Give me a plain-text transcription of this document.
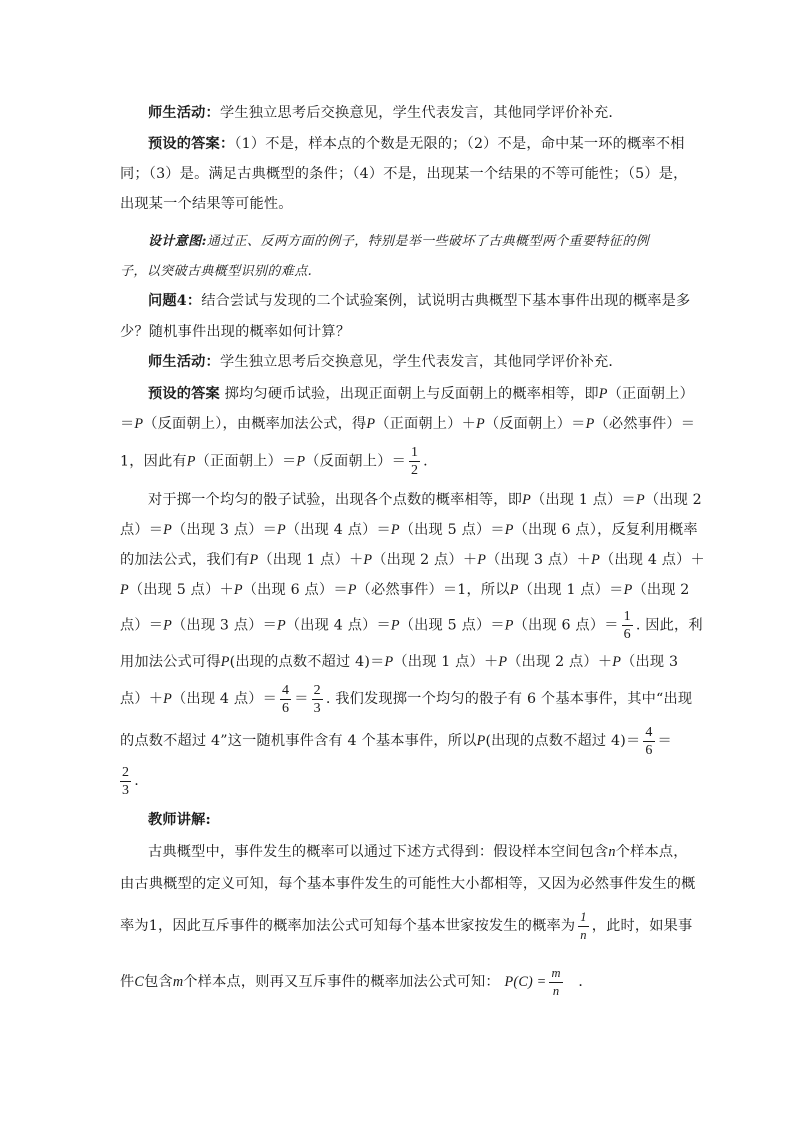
师生活动：学生独立思考后交换意见，学生代表发言，其他同学评价补充．
预设的答案：（1）不是，样本点的个数是无限的；（2）不是，命中某一环的概率不相
同；（3）是。满足古典概型的条件；（4）不是，出现某一个结果的不等可能性；（5）是，
出现某一个结果等可能性。
设计意图:通过正、反两方面的例子，特别是举一些破坏了古典概型两个重要特征的例
子，以突破古典概型识别的难点.
问题4：结合尝试与发现的二个试验案例，试说明古典概型下基本事件出现的概率是多
少？随机事件出现的概率如何计算？
师生活动：学生独立思考后交换意见，学生代表发言，其他同学评价补充．
预设的答案 掷均匀硬币试验，出现正面朝上与反面朝上的概率相等，即P（正面朝上）
＝P（反面朝上），由概率加法公式，得P（正面朝上）＋P（反面朝上）＝P（必然事件）＝
1，因此有P（正面朝上）＝P（反面朝上）＝ $\frac{1}{2}$ .
对于掷一个均匀的骰子试验，出现各个点数的概率相等，即P（出现 1 点）＝P（出现 2
点）＝P（出现 3 点）＝P（出现 4 点）＝P（出现 5 点）＝P（出现 6 点），反复利用概率
的加法公式，我们有P（出现 1 点）＋P（出现 2 点）＋P（出现 3 点）＋P（出现 4 点）＋
P（出现 5 点）＋P（出现 6 点）＝P（必然事件）＝1，所以P（出现 1 点）＝P（出现 2
点）＝P（出现 3 点）＝P（出现 4 点）＝P（出现 5 点）＝P（出现 6 点）＝ $\frac{1}{6}$ . 因此，利
用加法公式可得P(出现的点数不超过 4)＝P（出现 1 点）＋P（出现 2 点）＋P（出现 3
点）＋P（出现 4 点）＝ $\frac{4}{6} = \frac{2}{3}$ . 我们发现掷一个均匀的骰子有 6 个基本事件，其中“出现
的点数不超过 4”这一随机事件含有 4 个基本事件，所以P(出现的点数不超过 $4)= \frac{4}{6}$ ＝
$\frac{2}{3}$ .
教师讲解:
古典概型中，事件发生的概率可以通过下述方式得到：假设样本空间包含n个样本点，
由古典概型的定义可知，每个基本事件发生的可能性大小都相等，又因为必然事件发生的概
率为1，因此互斥事件的概率加法公式可知每个基本世家按发生的概率为 $\frac{1}{n}$ ，此时，如果事
件C包含m个样本点，则再又互斥事件的概率加法公式可知： $P(C) = \frac{m}{n}$ ．
